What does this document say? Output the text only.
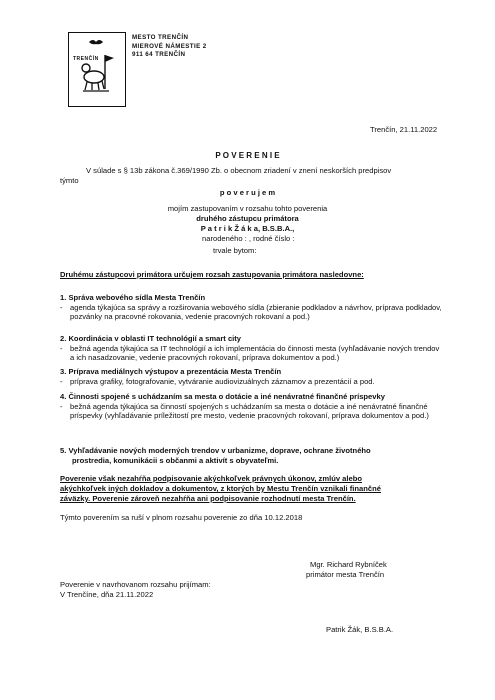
TRENČÍN
MESTO TRENČÍN
MIEROVÉ NÁMESTIE 2
911 64 TRENČÍN
Trenčín, 21.11.2022
P O V E R E N I E
V súlade s § 13b zákona č.369/1990 Zb. o obecnom zriadení v znení neskorších predpisov
týmto
p o v e r u j e m
mojím zastupovaním v rozsahu tohto poverenia
druhého zástupcu primátora
P a t r i k Ž á k a, B.S.B.A.,
narodeného : , rodné číslo :
trvale bytom:
Druhému zástupcovi primátora určujem rozsah zastupovania primátora nasledovne:
1. Správa webového sídla Mesta Trenčín
- agenda týkajúca sa správy a rozširovania webového sídla (zbieranie podkladov a návrhov, príprava podkladov, pozvánky na pracovné rokovania, vedenie pracovných rokovaní a pod.)
2. Koordinácia v oblasti IT technológií a smart city
- bežná agenda týkajúca sa IT technológií a ich implementácia do činnosti mesta (vyhľadávanie nových trendov a ich nasadzovanie, vedenie pracovných rokovaní, príprava dokumentov a pod.)
3. Príprava mediálnych výstupov a prezentácia Mesta Trenčín
- príprava grafiky, fotografovanie, vytváranie audiovizuálnych záznamov a prezentácií a pod.
4. Činnosti spojené s uchádzaním sa mesta o dotácie a iné nenávratné finančné príspevky
- bežná agenda týkajúca sa činností spojených s uchádzaním sa mesta o dotácie a iné nenávratné finančné príspevky (vyhľadávanie príležitostí pre mesto, vedenie pracovných rokovaní, príprava dokumentov a pod.)
5. Vyhľadávanie nových moderných trendov v urbanizme, doprave, ochrane životného
prostredia, komunikácii s občanmi a aktivít s obyvateľmi.
Poverenie však nezahŕňa podpisovanie akýchkoľvek právnych úkonov, zmlúv alebo
akýchkoľvek iných dokladov a dokumentov, z ktorých by Mestu Trenčín vznikali finančné
záväzky. Poverenie zároveň nezahŕňa ani podpisovanie rozhodnutí mesta Trenčín.
Týmto poverením sa ruší v plnom rozsahu poverenie zo dňa 10.12.2018
Mgr. Richard Rybníček
primátor mesta Trenčín
Poverenie v navrhovanom rozsahu prijímam:
V Trenčíne, dňa 21.11.2022
Patrik Žák, B.S.B.A.
